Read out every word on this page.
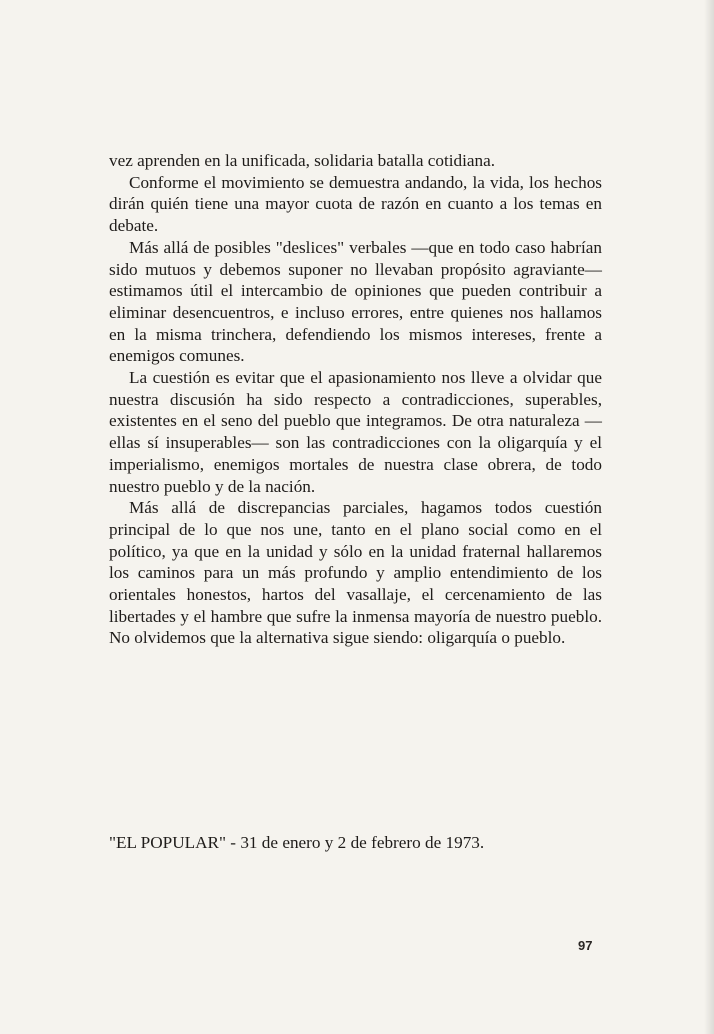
vez aprenden en la unificada, solidaria batalla cotidiana.

Conforme el movimiento se demuestra andando, la vida, los hechos dirán quién tiene una mayor cuota de razón en cuanto a los temas en debate.

Más allá de posibles "deslices" verbales —que en todo caso habrían sido mutuos y debemos suponer no llevaban propósito agraviante— estimamos útil el intercambio de opiniones que pueden contribuir a eliminar desencuentros, e incluso errores, entre quienes nos hallamos en la misma trinchera, defendiendo los mismos intereses, frente a enemigos comunes.

La cuestión es evitar que el apasionamiento nos lleve a olvidar que nuestra discusión ha sido respecto a contradicciones, superables, existentes en el seno del pueblo que integramos. De otra naturaleza —ellas sí insuperables— son las contradicciones con la oligarquía y el imperialismo, enemigos mortales de nuestra clase obrera, de todo nuestro pueblo y de la nación.

Más allá de discrepancias parciales, hagamos todos cuestión principal de lo que nos une, tanto en el plano social como en el político, ya que en la unidad y sólo en la unidad fraternal hallaremos los caminos para un más profundo y amplio entendimiento de los orientales honestos, hartos del vasallaje, el cercenamiento de las libertades y el hambre que sufre la inmensa mayoría de nuestro pueblo. No olvidemos que la alternativa sigue siendo: oligarquía o pueblo.

"EL POPULAR" - 31 de enero y 2 de febrero de 1973.
97
